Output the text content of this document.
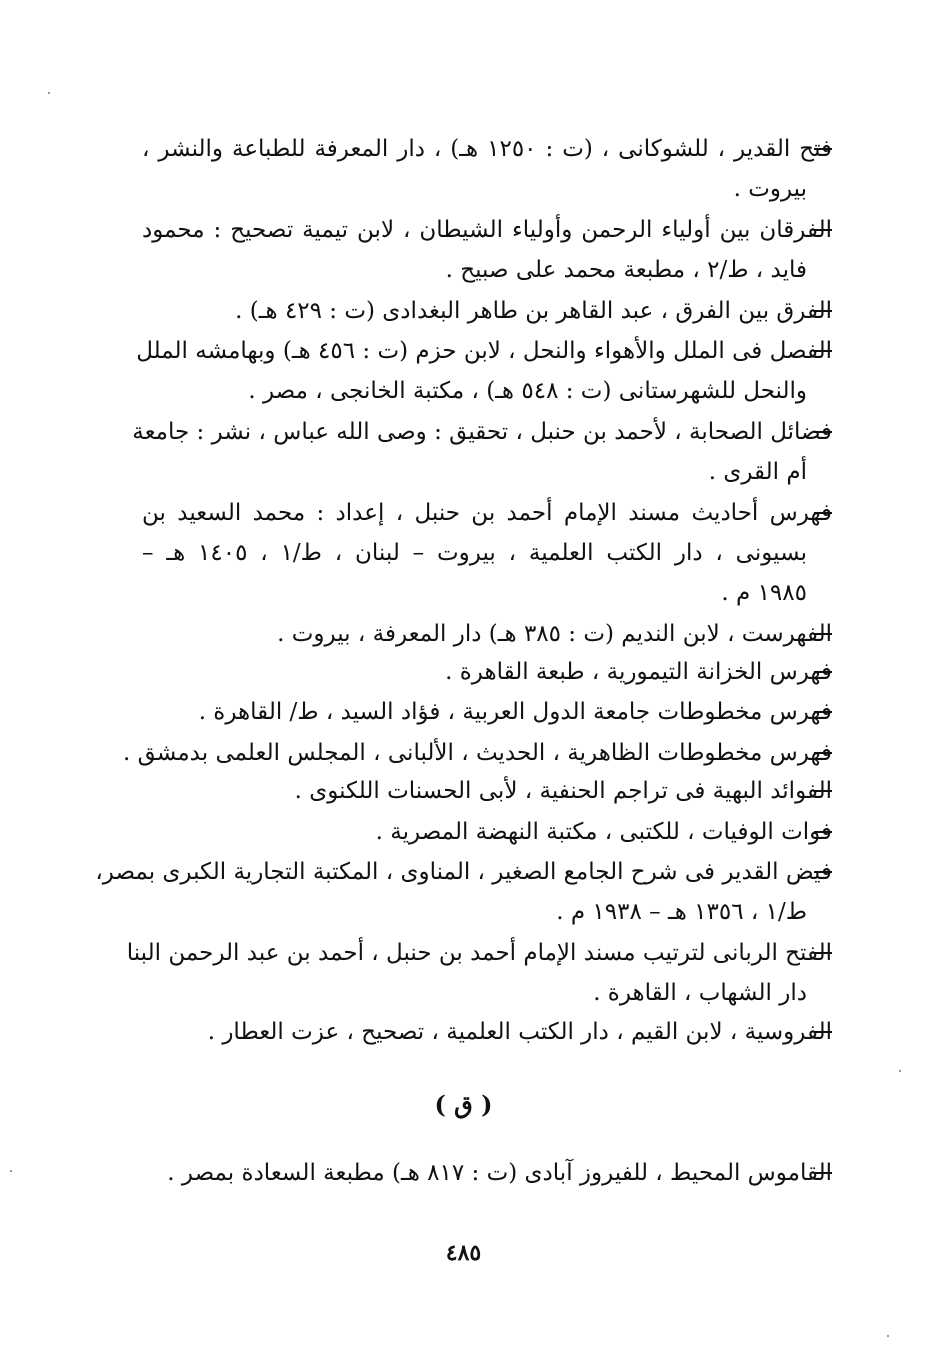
فتح القدير ، للشوكانى ، (ت : ١٢٥٠ هـ) ، دار المعرفة للطباعة والنشر ،
بيروت .
الفرقان بين أولياء الرحمن وأولياء الشيطان ، لابن تيمية تصحيح : محمود
فايد ، ط/٢ ، مطبعة محمد على صبيح .
الفرق بين الفرق ، عبد القاهر بن طاهر البغدادى (ت : ٤٢٩ هـ) .
الفصل فى الملل والأهواء والنحل ، لابن حزم (ت : ٤٥٦ هـ) وبهامشه الملل
والنحل للشهرستانى (ت : ٥٤٨ هـ) ، مكتبة الخانجى ، مصر .
فضائل الصحابة ، لأحمد بن حنبل ، تحقيق : وصى الله عباس ، نشر : جامعة
أم القرى .
فهرس أحاديث مسند الإمام أحمد بن حنبل ، إعداد : محمد السعيد بن
بسيونى ، دار الكتب العلمية ، بيروت – لبنان ، ط/١ ، ١٤٠٥ هـ –
١٩٨٥ م .
الفهرست ، لابن النديم (ت : ٣٨٥ هـ) دار المعرفة ، بيروت .
فهرس الخزانة التيمورية ، طبعة القاهرة .
فهرس مخطوطات جامعة الدول العربية ، فؤاد السيد ، ط/ القاهرة .
فهرس مخطوطات الظاهرية ، الحديث ، الألبانى ، المجلس العلمى بدمشق .
الفوائد البهية فى تراجم الحنفية ، لأبى الحسنات اللكنوى .
فوات الوفيات ، للكتبى ، مكتبة النهضة المصرية .
فيض القدير فى شرح الجامع الصغير ، المناوى ، المكتبة التجارية الكبرى بمصر،
ط/١ ، ١٣٥٦ هـ – ١٩٣٨ م .
الفتح الربانى لترتيب مسند الإمام أحمد بن حنبل ، أحمد بن عبد الرحمن البنا
دار الشهاب ، القاهرة .
الفروسية ، لابن القيم ، دار الكتب العلمية ، تصحيح ، عزت العطار .
( ق )
القاموس المحيط ، للفيروز آبادى (ت : ٨١٧ هـ) مطبعة السعادة بمصر .
٤٨٥
